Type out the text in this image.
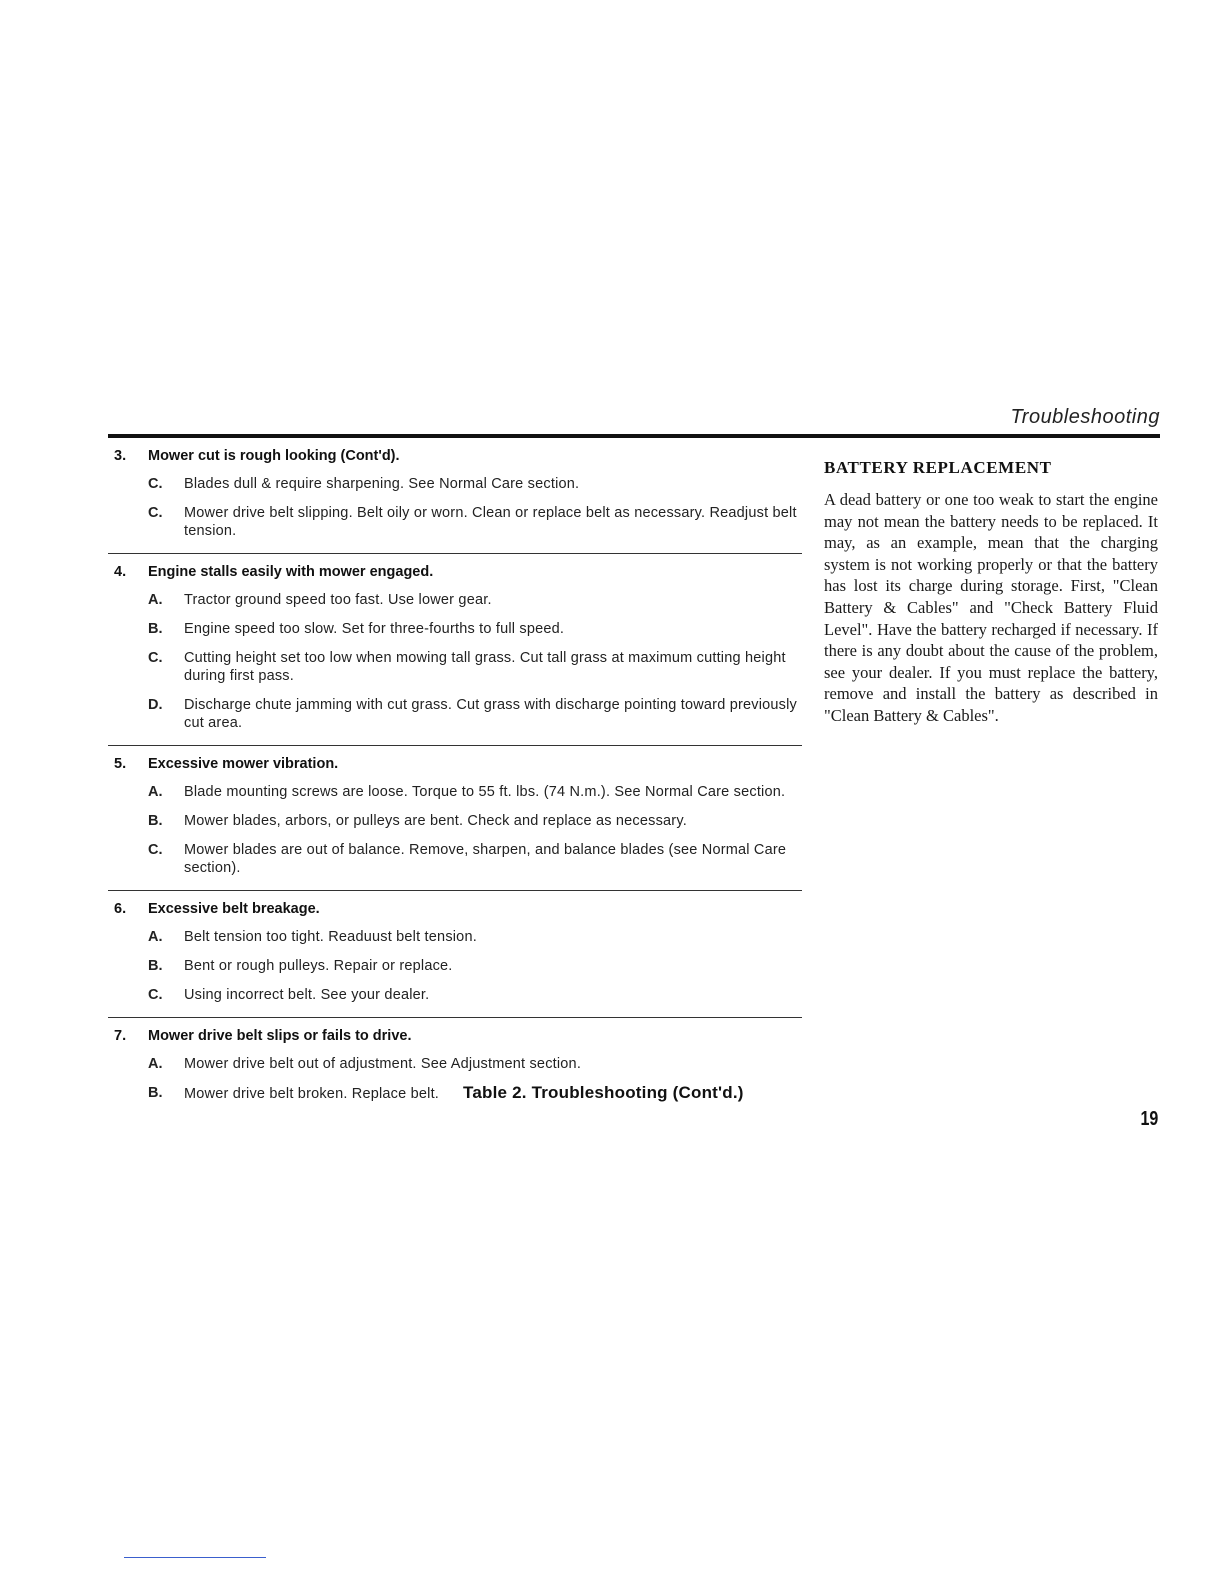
Troubleshooting
3.	Mower cut is rough looking (Cont'd).
C.	Blades dull & require sharpening. See Normal Care section.
C.	Mower drive belt slipping. Belt oily or worn. Clean or replace belt as necessary. Readjust belt tension.
4.	Engine stalls easily with mower engaged.
A.	Tractor ground speed too fast. Use lower gear.
B.	Engine speed too slow. Set for three-fourths to full speed.
C.	Cutting height set too low when mowing tall grass. Cut tall grass at maximum cutting height during first pass.
D.	Discharge chute jamming with cut grass. Cut grass with discharge pointing toward previously cut area.
5.	Excessive mower vibration.
A.	Blade mounting screws are loose. Torque to 55 ft. lbs. (74 N.m.). See Normal Care section.
B.	Mower blades, arbors, or pulleys are bent. Check and replace as necessary.
C.	Mower blades are out of balance. Remove, sharpen, and balance blades (see Normal Care section).
6.	Excessive belt breakage.
A.	Belt tension too tight. Readuust belt tension.
B.	Bent or rough pulleys. Repair or replace.
C.	Using incorrect belt. See your dealer.
7.	Mower drive belt slips or fails to drive.
A.	Mower drive belt out of adjustment. See Adjustment section.
B.	Mower drive belt broken. Replace belt. Table 2. Troubleshooting (Cont'd.)
BATTERY REPLACEMENT

A dead battery or one too weak to start the engine may not mean the battery needs to be replaced. It may, as an example, mean that the charging system is not working properly or that the battery has lost its charge during storage. First, "Clean Battery & Cables" and "Check Battery Fluid Level". Have the battery recharged if necessary. If there is any doubt about the cause of the problem, see your dealer. If you must replace the battery, remove and install the battery as described in "Clean Battery & Cables".

19
